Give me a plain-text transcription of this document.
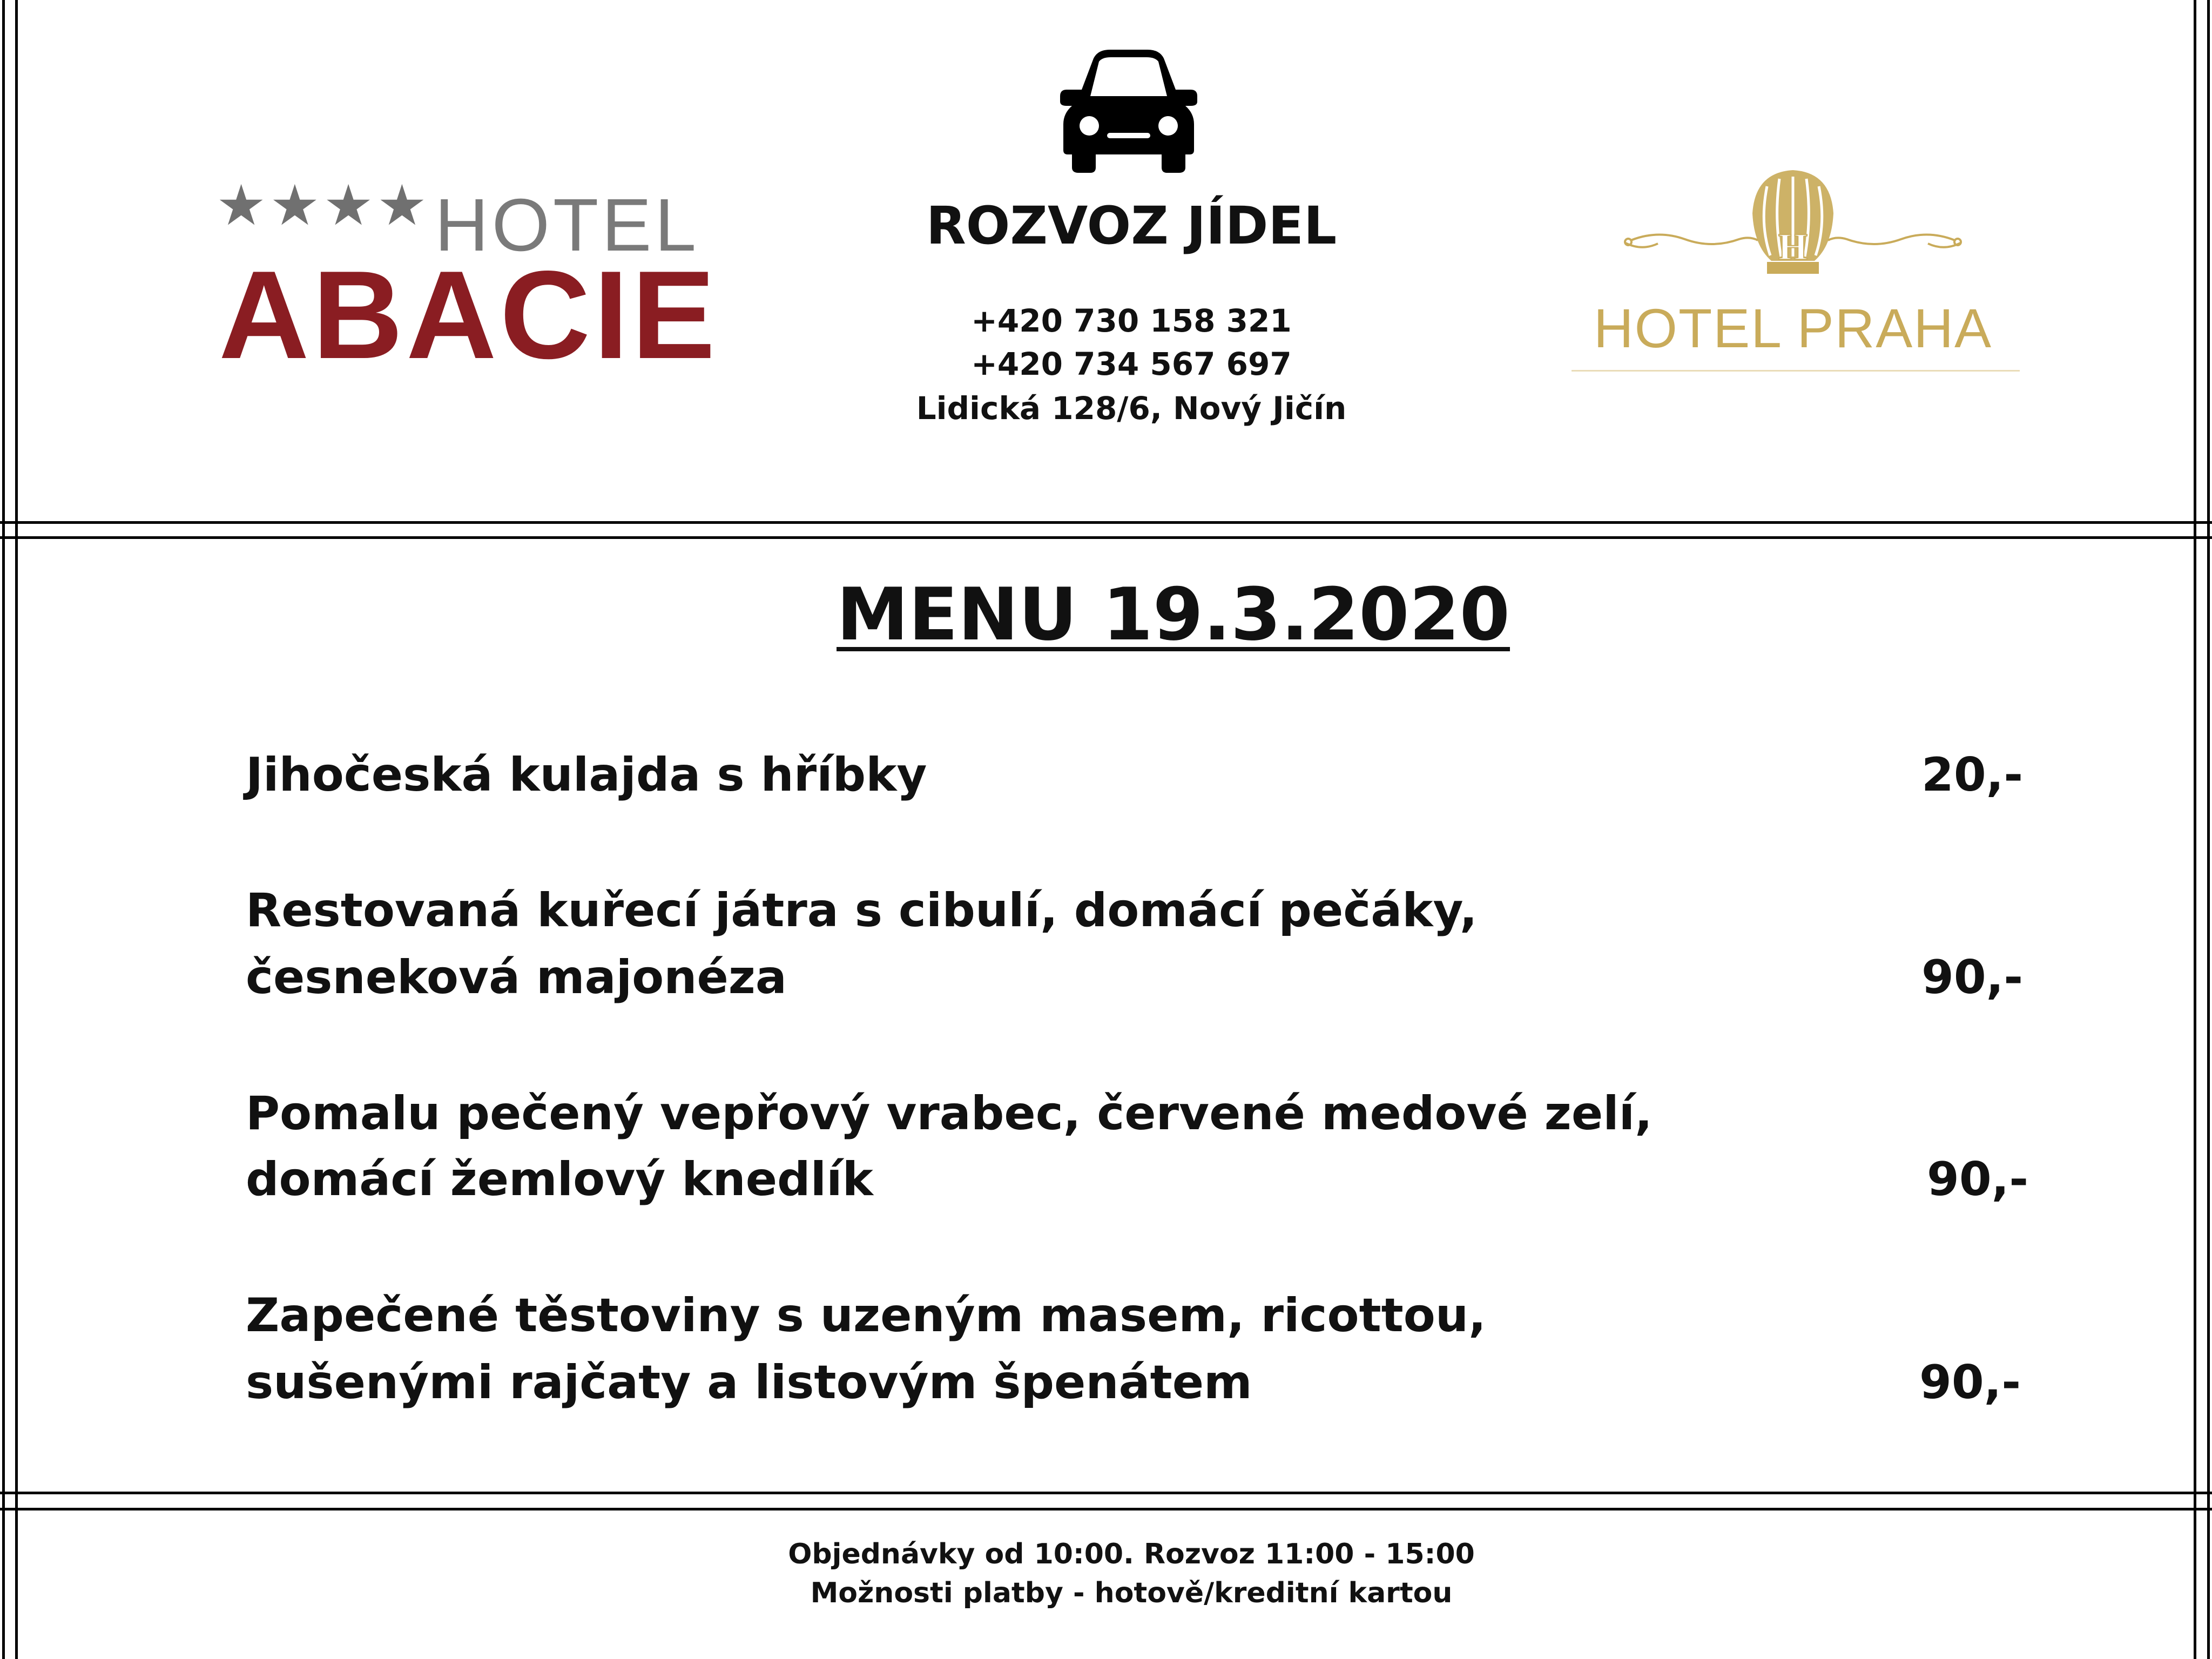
★★★★ HOTEL
ABACIE
ROZVOZ JÍDEL
+420 730 158 321
+420 734 567 697
Lidická 128/6, Nový Jičín
H
HOTEL PRAHA
MENU 19.3.2020
Jihočeská kulajda s hříbky	20,-
Restovaná kuřecí játra s cibulí, domácí pečáky,
česneková majonéza	90,-
Pomalu pečený vepřový vrabec, červené medové zelí,
domácí žemlový knedlík	90,-
Zapečené těstoviny s uzeným masem, ricottou,
sušenými rajčaty a listovým špenátem	90,-
Objednávky od 10:00. Rozvoz 11:00 - 15:00
Možnosti platby - hotově/kreditní kartou
